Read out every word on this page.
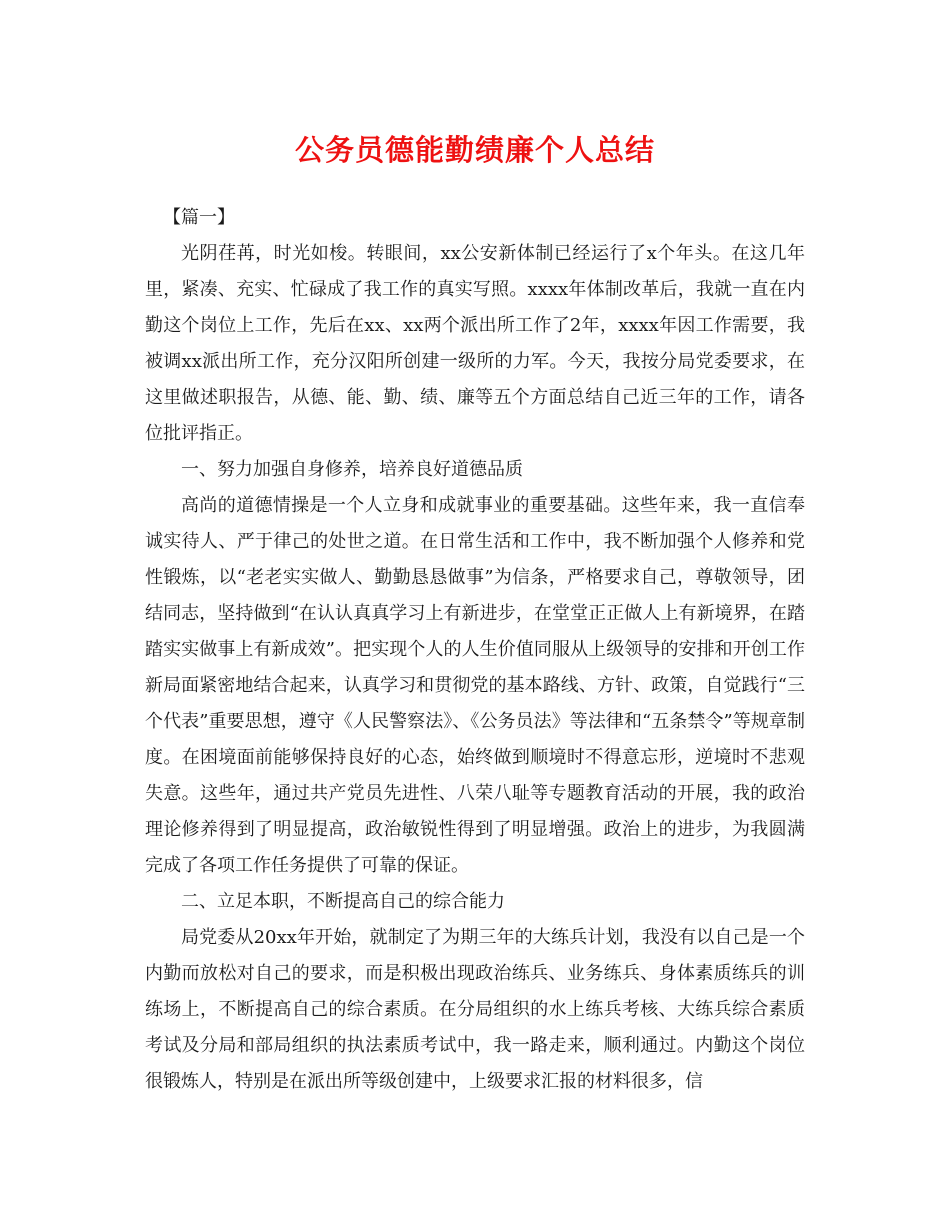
公务员德能勤绩廉个人总结

【篇一】

光阴荏苒，时光如梭。转眼间，xx公安新体制已经运行了x个年头。在这几年里，紧凑、充实、忙碌成了我工作的真实写照。xxxx年体制改革后，我就一直在内勤这个岗位上工作，先后在xx、xx两个派出所工作了2年，xxxx年因工作需要，我被调xx派出所工作，充分汉阳所创建一级所的力军。今天，我按分局党委要求，在这里做述职报告，从德、能、勤、绩、廉等五个方面总结自己近三年的工作，请各位批评指正。

一、努力加强自身修养，培养良好道德品质

高尚的道德情操是一个人立身和成就事业的重要基础。这些年来，我一直信奉诚实待人、严于律己的处世之道。在日常生活和工作中，我不断加强个人修养和党性锻炼，以“老老实实做人、勤勤恳恳做事”为信条，严格要求自己，尊敬领导，团结同志，坚持做到“在认认真真学习上有新进步，在堂堂正正做人上有新境界，在踏踏实实做事上有新成效”。把实现个人的人生价值同服从上级领导的安排和开创工作新局面紧密地结合起来，认真学习和贯彻党的基本路线、方针、政策，自觉践行“三个代表”重要思想，遵守《人民警察法》、《公务员法》等法律和“五条禁令”等规章制度。在困境面前能够保持良好的心态，始终做到顺境时不得意忘形，逆境时不悲观失意。这些年，通过共产党员先进性、八荣八耻等专题教育活动的开展，我的政治理论修养得到了明显提高，政治敏锐性得到了明显增强。政治上的进步，为我圆满完成了各项工作任务提供了可靠的保证。

二、立足本职，不断提高自己的综合能力

局党委从20xx年开始，就制定了为期三年的大练兵计划，我没有以自己是一个内勤而放松对自己的要求，而是积极出现政治练兵、业务练兵、身体素质练兵的训练场上，不断提高自己的综合素质。在分局组织的水上练兵考核、大练兵综合素质考试及分局和部局组织的执法素质考试中，我一路走来，顺利通过。内勤这个岗位很锻炼人，特别是在派出所等级创建中，上级要求汇报的材料很多，信
